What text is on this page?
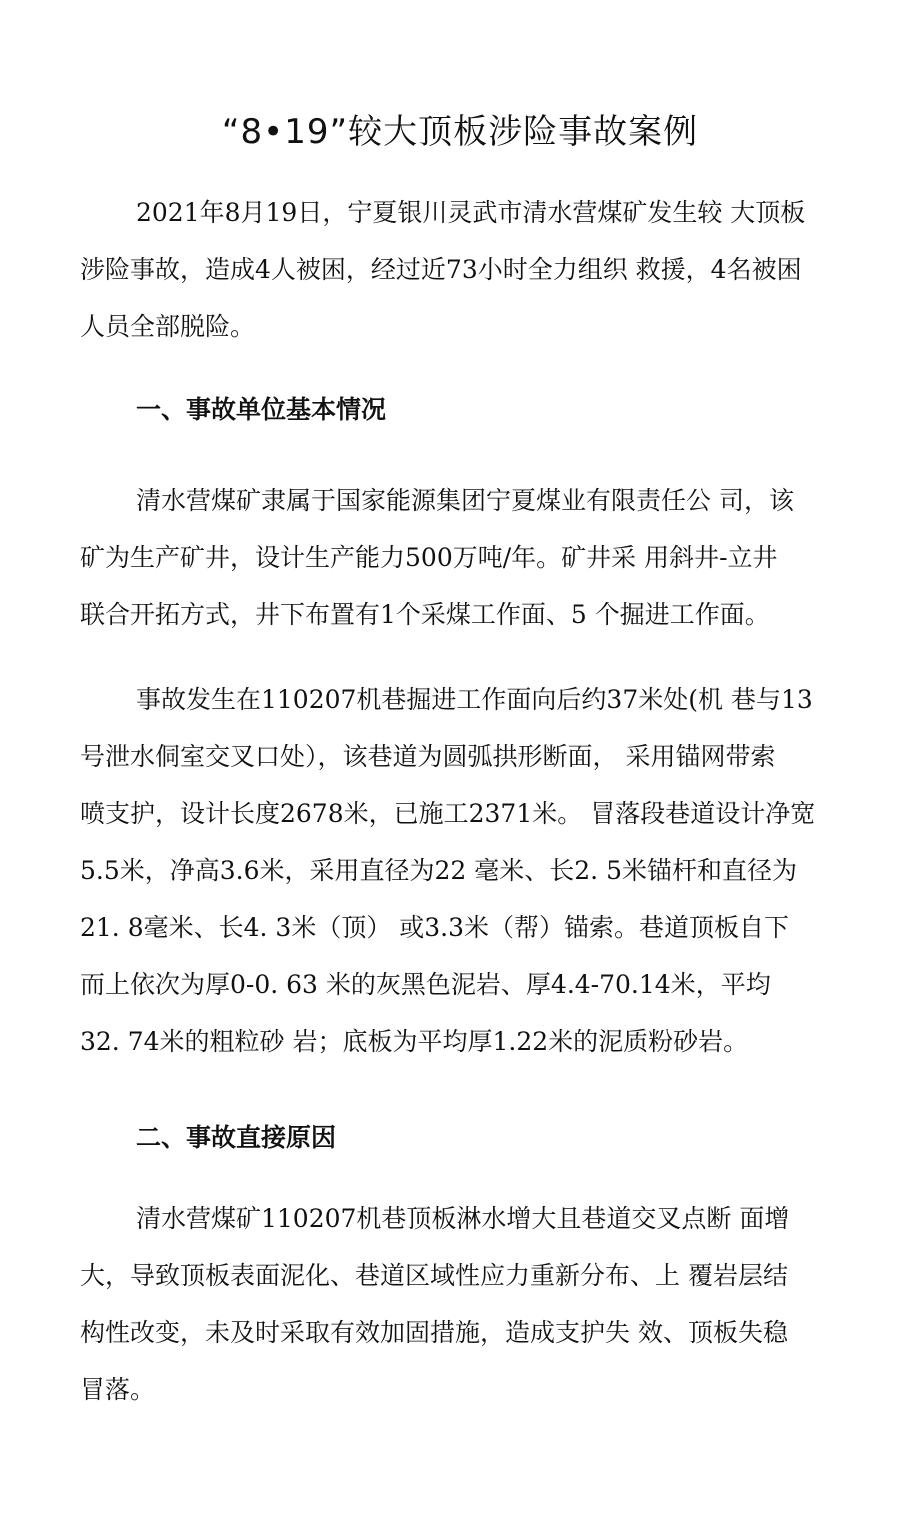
“8•19”较大顶板涉险事故案例
2021年8月19日，宁夏银川灵武市清水营煤矿发生较 大顶板
涉险事故，造成4人被困，经过近73小时全力组织 救援，4名被困
人员全部脱险。
一、事故单位基本情况
清水营煤矿隶属于国家能源集团宁夏煤业有限责任公 司，该
矿为生产矿井，设计生产能力500万吨/年。矿井采 用斜井-立井
联合开拓方式，井下布置有1个采煤工作面、5 个掘进工作面。
事故发生在110207机巷掘进工作面向后约37米处(机 巷与13
号泄水侗室交叉口处），该巷道为圆弧拱形断面， 采用锚网带索
喷支护，设计长度2678米，已施工2371米。 冒落段巷道设计净宽
5.5米，净高3.6米，采用直径为22 毫米、长2. 5米锚杆和直径为
21. 8毫米、长4. 3米（顶） 或3.3米（帮）锚索。巷道顶板自下
而上依次为厚0-0. 63 米的灰黑色泥岩、厚4.4-70.14米，平均
32. 74米的粗粒砂 岩；底板为平均厚1.22米的泥质粉砂岩。
二、事故直接原因
清水营煤矿110207机巷顶板淋水增大且巷道交叉点断 面增
大，导致顶板表面泥化、巷道区域性应力重新分布、上 覆岩层结
构性改变，未及时采取有效加固措施，造成支护失 效、顶板失稳
冒落。
